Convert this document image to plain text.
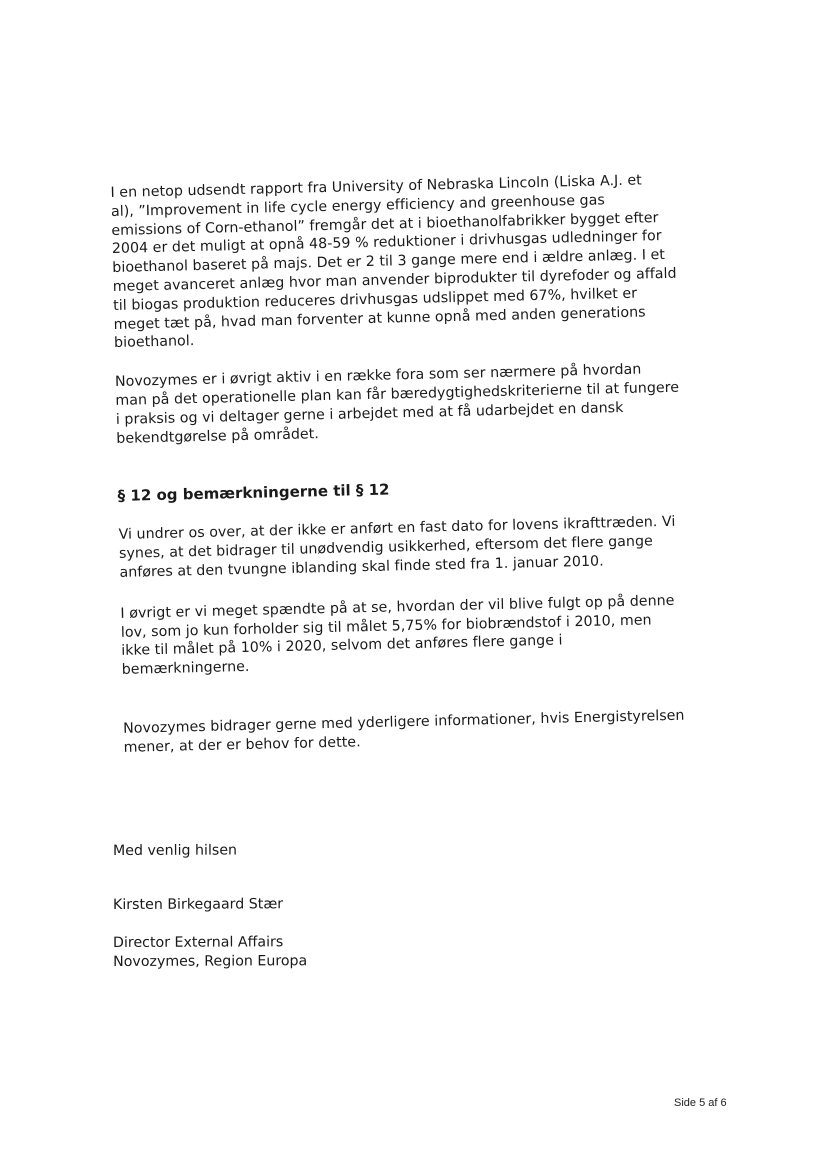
I en netop udsendt rapport fra University of Nebraska Lincoln (Liska A.J. et
al), ”Improvement in life cycle energy efficiency and greenhouse gas
emissions of Corn-ethanol” fremgår det at i bioethanolfabrikker bygget efter
2004 er det muligt at opnå 48-59 % reduktioner i drivhusgas udledninger for
bioethanol baseret på majs. Det er 2 til 3 gange mere end i ældre anlæg. I et
meget avanceret anlæg hvor man anvender biprodukter til dyrefoder og affald
til biogas produktion reduceres drivhusgas udslippet med 67%, hvilket er
meget tæt på, hvad man forventer at kunne opnå med anden generations
bioethanol.

Novozymes er i øvrigt aktiv i en række fora som ser nærmere på hvordan
man på det operationelle plan kan får bæredygtighedskriterierne til at fungere
i praksis og vi deltager gerne i arbejdet med at få udarbejdet en dansk
bekendtgørelse på området.

§ 12 og bemærkningerne til § 12

Vi undrer os over, at der ikke er anført en fast dato for lovens ikrafttræden. Vi
synes, at det bidrager til unødvendig usikkerhed, eftersom det flere gange
anføres at den tvungne iblanding skal finde sted fra 1. januar 2010.

I øvrigt er vi meget spændte på at se, hvordan der vil blive fulgt op på denne
lov, som jo kun forholder sig til målet 5,75% for biobrændstof i 2010, men
ikke til målet på 10% i 2020, selvom det anføres flere gange i
bemærkningerne.

Novozymes bidrager gerne med yderligere informationer, hvis Energistyrelsen
mener, at der er behov for dette.

Med venlig hilsen
Kirsten Birkegaard Stær
Director External Affairs
Novozymes, Region Europa
Side 5 af 6
